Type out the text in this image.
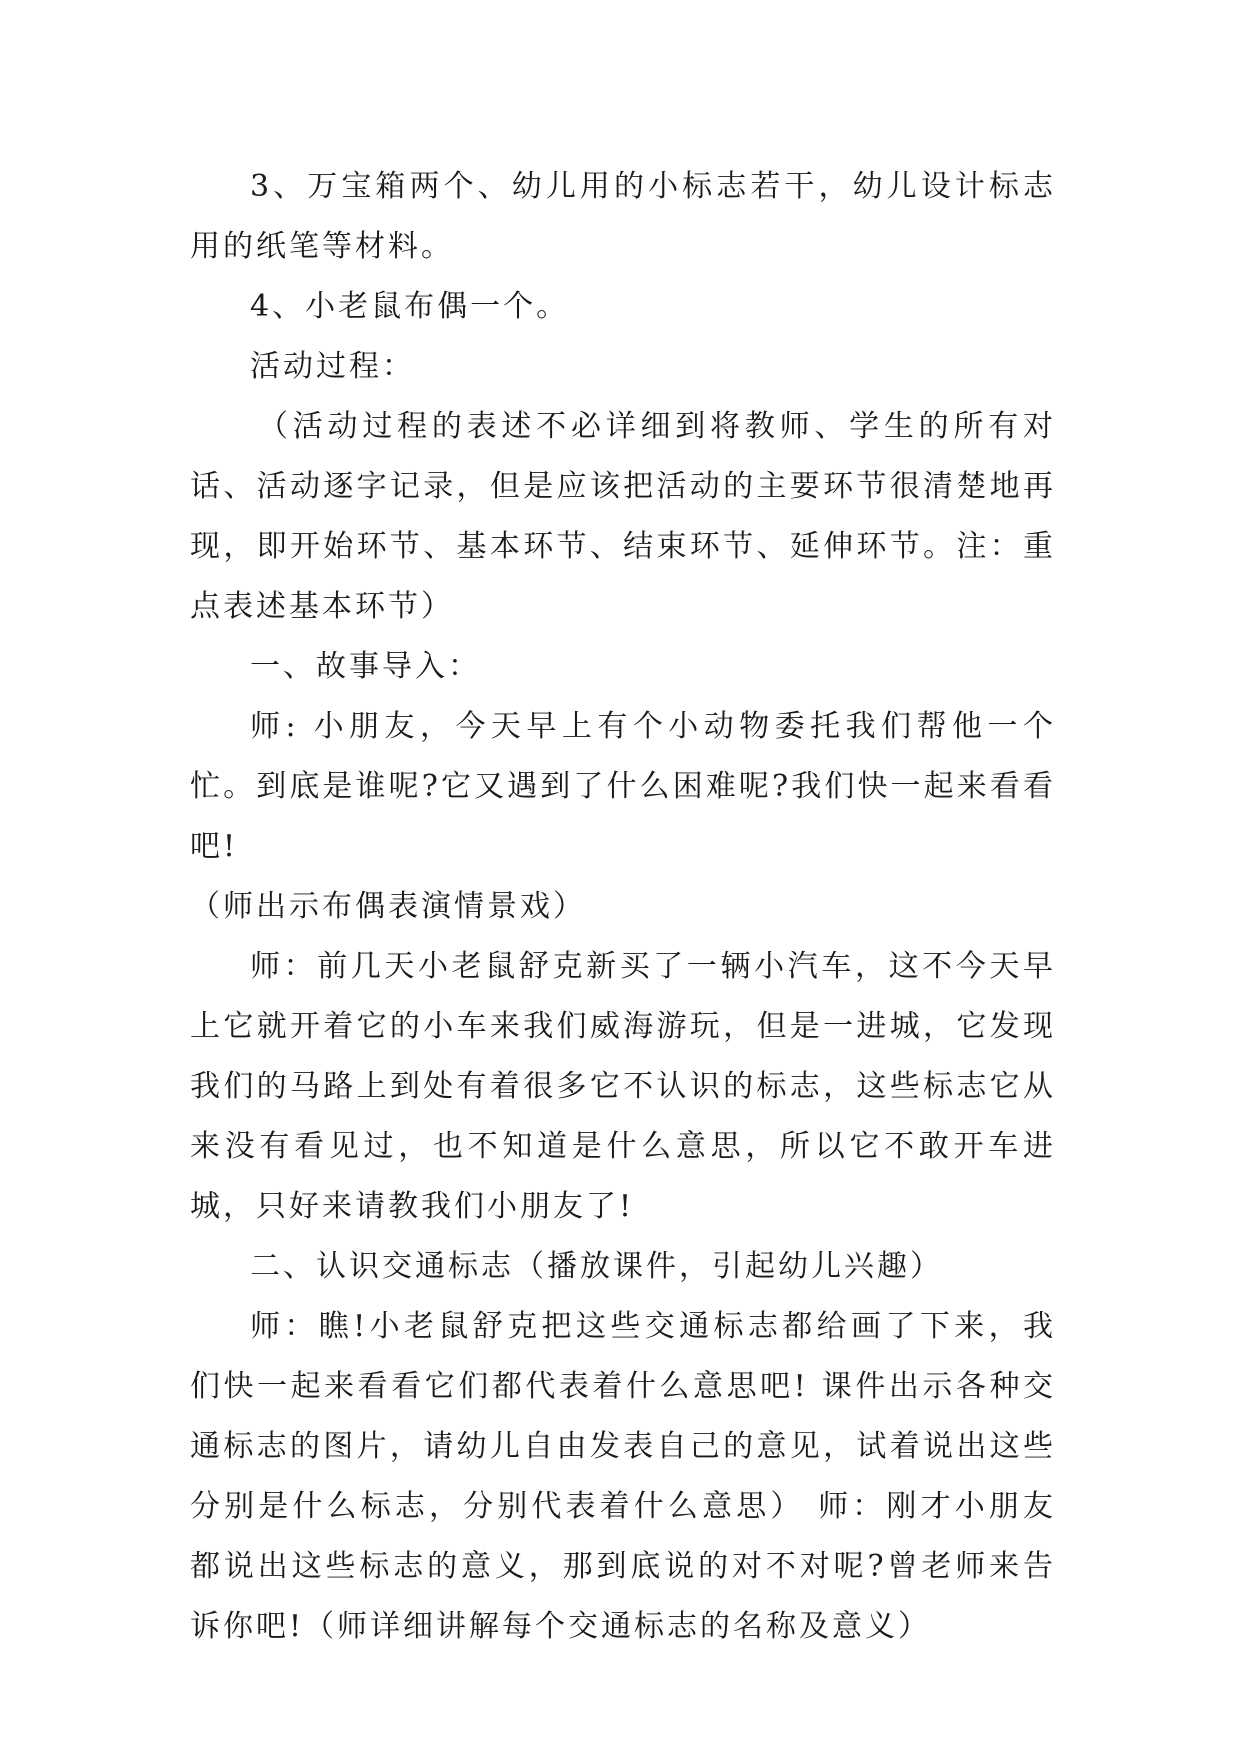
3、万宝箱两个、幼儿用的小标志若干，幼儿设计标志用的纸笔等材料。

4、小老鼠布偶一个。

活动过程：

（活动过程的表述不必详细到将教师、学生的所有对话、活动逐字记录，但是应该把活动的主要环节很清楚地再现，即开始环节、基本环节、结束环节、延伸环节。注：重点表述基本环节）

一、故事导入：

师: 小朋友，今天早上有个小动物委托我们帮他一个忙。到底是谁呢?它又遇到了什么困难呢?我们快一起来看看吧!

（师出示布偶表演情景戏）

师：前几天小老鼠舒克新买了一辆小汽车，这不今天早上它就开着它的小车来我们威海游玩，但是一进城，它发现我们的马路上到处有着很多它不认识的标志，这些标志它从来没有看见过，也不知道是什么意思，所以它不敢开车进城，只好来请教我们小朋友了!

二、认识交通标志（播放课件，引起幼儿兴趣）

师：瞧!小老鼠舒克把这些交通标志都给画了下来，我们快一起来看看它们都代表着什么意思吧! 课件出示各种交通标志的图片，请幼儿自由发表自己的意见，试着说出这些分别是什么标志，分别代表着什么意思） 师：刚才小朋友都说出这些标志的意义，那到底说的对不对呢?曾老师来告诉你吧!（师详细讲解每个交通标志的名称及意义）
